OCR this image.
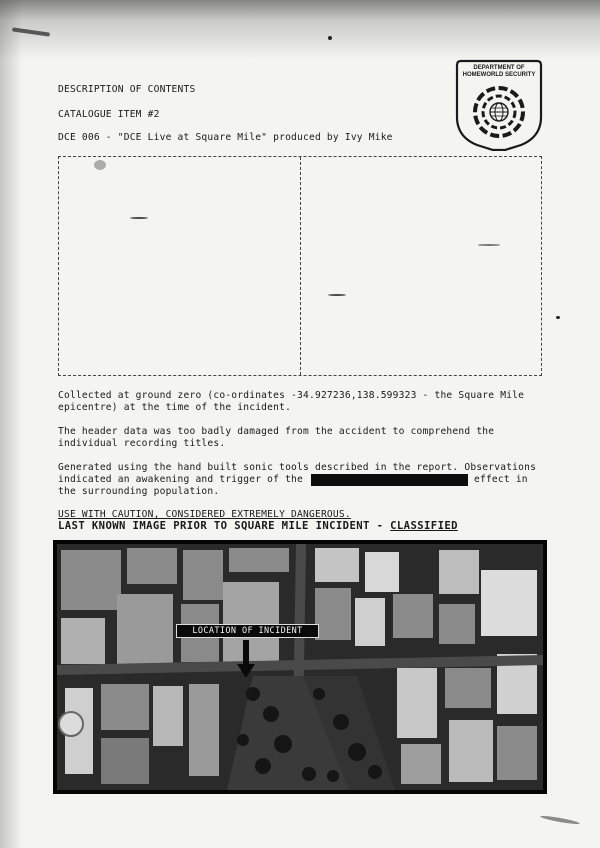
DESCRIPTION OF CONTENTS
CATALOGUE ITEM #2
DCE 006 - "DCE Live at Square Mile" produced by Ivy Mike
DEPARTMENT OF
HOMEWORLD SECURITY
Collected at ground zero (co-ordinates -34.927236,138.599323 - the Square Mile
epicentre) at the time of the incident.
The header data was too badly damaged from the accident to comprehend the
individual recording titles.
Generated using the hand built sonic tools described in the report. Observations
indicated an awakening and trigger of the	effect in
the surrounding population.
USE WITH CAUTION, CONSIDERED EXTREMELY DANGEROUS.
LAST KNOWN IMAGE PRIOR TO SQUARE MILE INCIDENT - CLASSIFIED
LOCATION OF INCIDENT
